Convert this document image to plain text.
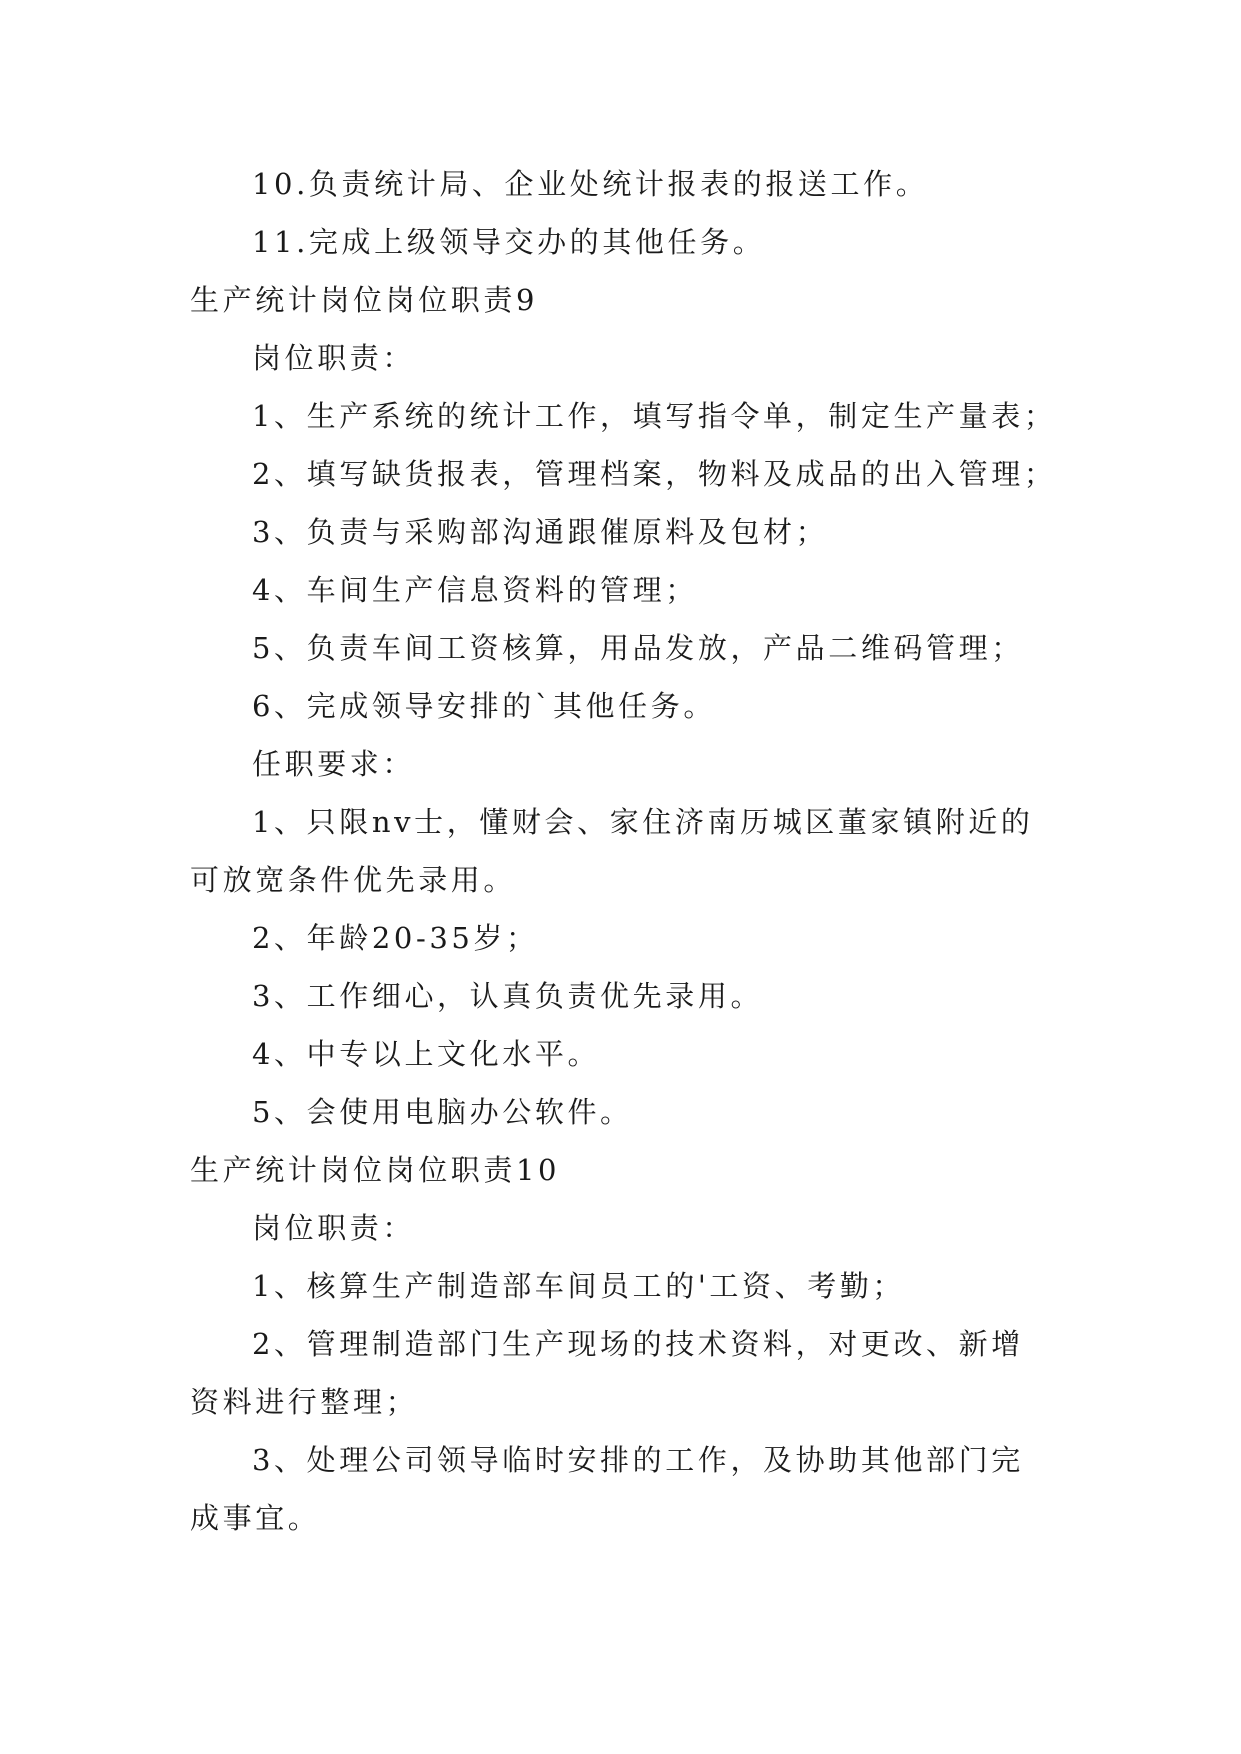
10.负责统计局、企业处统计报表的报送工作。
11.完成上级领导交办的其他任务。
生产统计岗位岗位职责9
岗位职责：
1、生产系统的统计工作，填写指令单，制定生产量表；
2、填写缺货报表，管理档案，物料及成品的出入管理；
3、负责与采购部沟通跟催原料及包材；
4、车间生产信息资料的管理；
5、负责车间工资核算，用品发放，产品二维码管理；
6、完成领导安排的`其他任务。
任职要求：
1、只限nv士，懂财会、家住济南历城区董家镇附近的
可放宽条件优先录用。
2、年龄20-35岁；
3、工作细心，认真负责优先录用。
4、中专以上文化水平。
5、会使用电脑办公软件。
生产统计岗位岗位职责10
岗位职责：
1、核算生产制造部车间员工的'工资、考勤；
2、管理制造部门生产现场的技术资料，对更改、新增
资料进行整理；
3、处理公司领导临时安排的工作，及协助其他部门完
成事宜。
